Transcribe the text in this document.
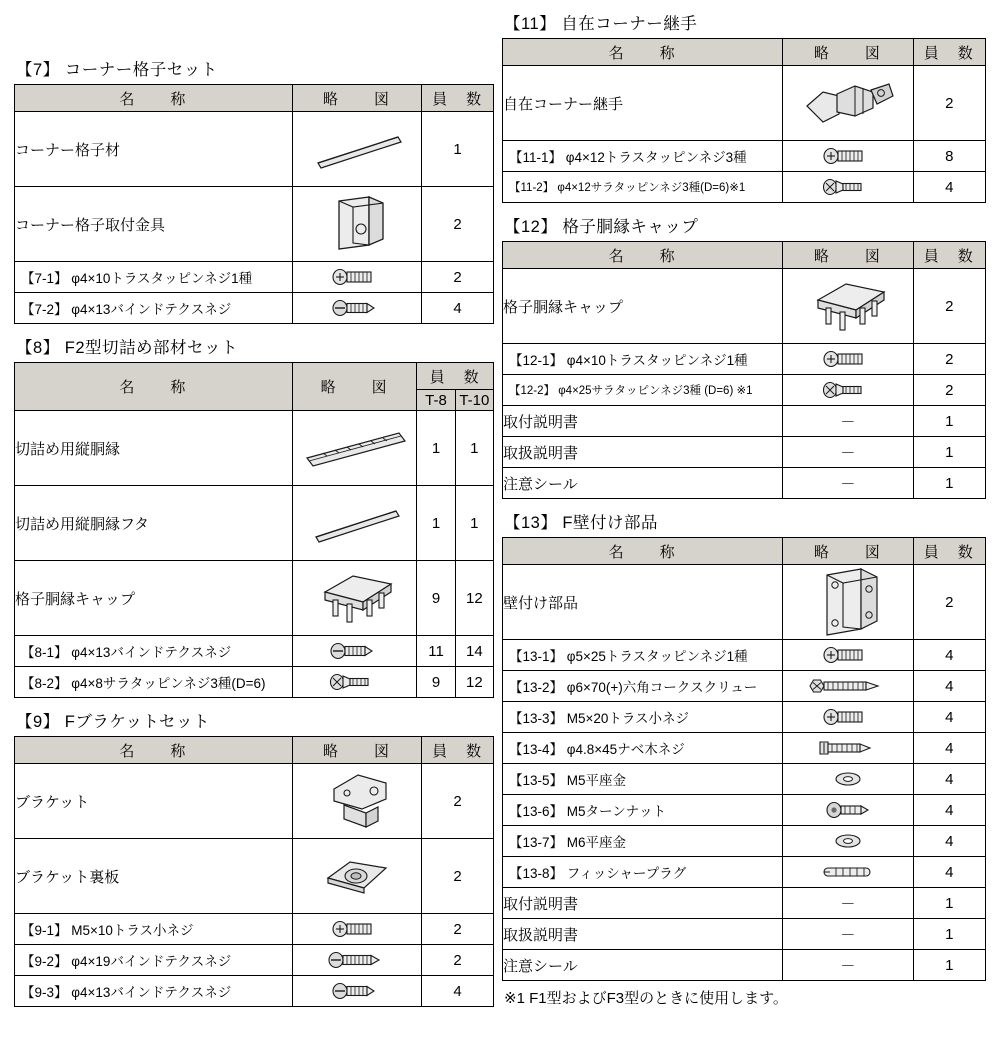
【7】 コーナー格子セット
名　　称	略　　図	員　数
コーナー格子材		1
コーナー格子取付金具		2
【7-1】 φ4×10トラスタッピンネジ1種		2
【7-2】 φ4×13バインドテクスネジ		4
【8】 F2型切詰め部材セット
名　　称	略　　図	員　数	
		T-8	T-10
切詰め用縦胴縁		1	1
切詰め用縦胴縁フタ		1	1
格子胴縁キャップ		9	12
【8-1】 φ4×13バインドテクスネジ		11	14
【8-2】 φ4×8サラタッピンネジ3種(D=6)		9	12
【9】 Fブラケットセット
名　　称	略　　図	員　数
ブラケット		2
ブラケット裏板		2
【9-1】 M5×10トラス小ネジ		2
【9-2】 φ4×19バインドテクスネジ		2
【9-3】 φ4×13バインドテクスネジ		4
【11】 自在コーナー継手
名　　称	略　　図	員　数
自在コーナー継手		2
【11-1】 φ4×12トラスタッピンネジ3種		8
【11-2】 φ4×12サラタッピンネジ3種(D=6)※1		4
【12】 格子胴縁キャップ
名　　称	略　　図	員　数
格子胴縁キャップ		2
【12-1】 φ4×10トラスタッピンネジ1種		2
【12-2】 φ4×25サラタッピンネジ3種 (D=6) ※1		2
取付説明書	－	1
取扱説明書	－	1
注意シール	－	1
【13】 F壁付け部品
名　　称	略　　図	員　数
壁付け部品		2
【13-1】 φ5×25トラスタッピンネジ1種		4
【13-2】 φ6×70(+)六角コークスクリュー		4
【13-3】 M5×20トラス小ネジ		4
【13-4】 φ4.8×45ナベ木ネジ		4
【13-5】 M5平座金		4
【13-6】 M5ターンナット		4
【13-7】 M6平座金		4
【13-8】 フィッシャープラグ		4
取付説明書	－	1
取扱説明書	－	1
注意シール	－	1
※1 F1型およびF3型のときに使用します。
